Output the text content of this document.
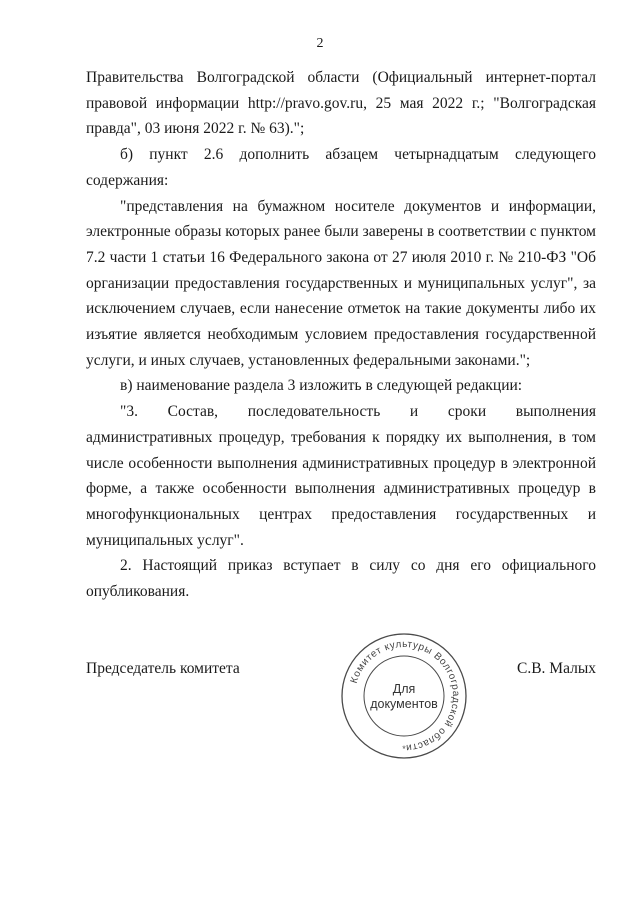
2

Правительства Волгоградской области (Официальный интернет-портал правовой информации http://pravo.gov.ru, 25 мая 2022 г.; "Волгоградская правда", 03 июня 2022 г. № 63).";

б) пункт 2.6 дополнить абзацем четырнадцатым следующего содержания:

"представления на бумажном носителе документов и информации, электронные образы которых ранее были заверены в соответствии с пунктом 7.2 части 1 статьи 16 Федерального закона от 27 июля 2010 г. № 210-ФЗ "Об организации предоставления государственных и муниципальных услуг", за исключением случаев, если нанесение отметок на такие документы либо их изъятие является необходимым условием предоставления государственной услуги, и иных случаев, установленных федеральными законами.";

в) наименование раздела 3 изложить в следующей редакции:

"3. Состав, последовательность и сроки выполнения административных процедур, требования к порядку их выполнения, в том числе особенности выполнения административных процедур в электронной форме, а также особенности выполнения административных процедур в многофункциональных центрах предоставления государственных и муниципальных услуг".

2. Настоящий приказ вступает в силу со дня его официального опубликования.

Председатель комитета
Комитет культуры Волгоградской области
Для
документов
*
С.В. Малых
